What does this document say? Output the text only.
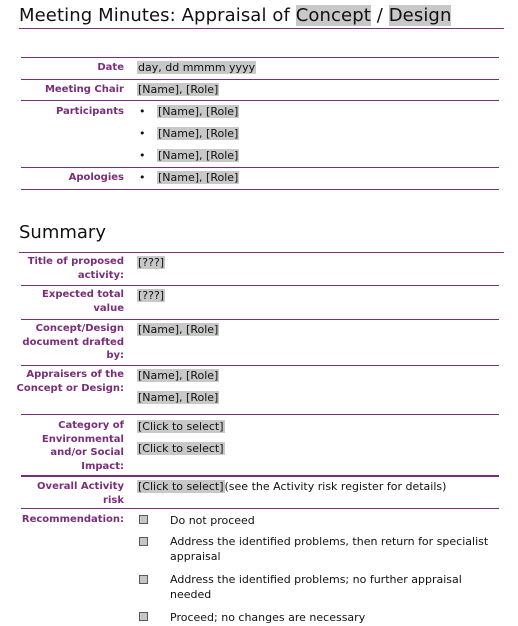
Meeting Minutes: Appraisal of Concept / Design
Date day, dd mmmm yyyy
Meeting Chair [Name], [Role]
Participants • [Name], [Role]
• [Name], [Role]
• [Name], [Role]
Apologies • [Name], [Role]
Summary
Title of proposed activity:
[???]
Expected total value
[???]
Concept/Design document drafted by:
[Name], [Role]
Appraisers of the Concept or Design:
[Name], [Role]
[Name], [Role]
Category of Environmental and/or Social Impact:
[Click to select]
[Click to select]
Overall Activity risk
[Click to select](see the Activity risk register for details)
Recommendation:	Do not proceed
Address the identified problems, then return for specialist appraisal
Address the identified problems; no further appraisal needed
Proceed; no changes are necessary
